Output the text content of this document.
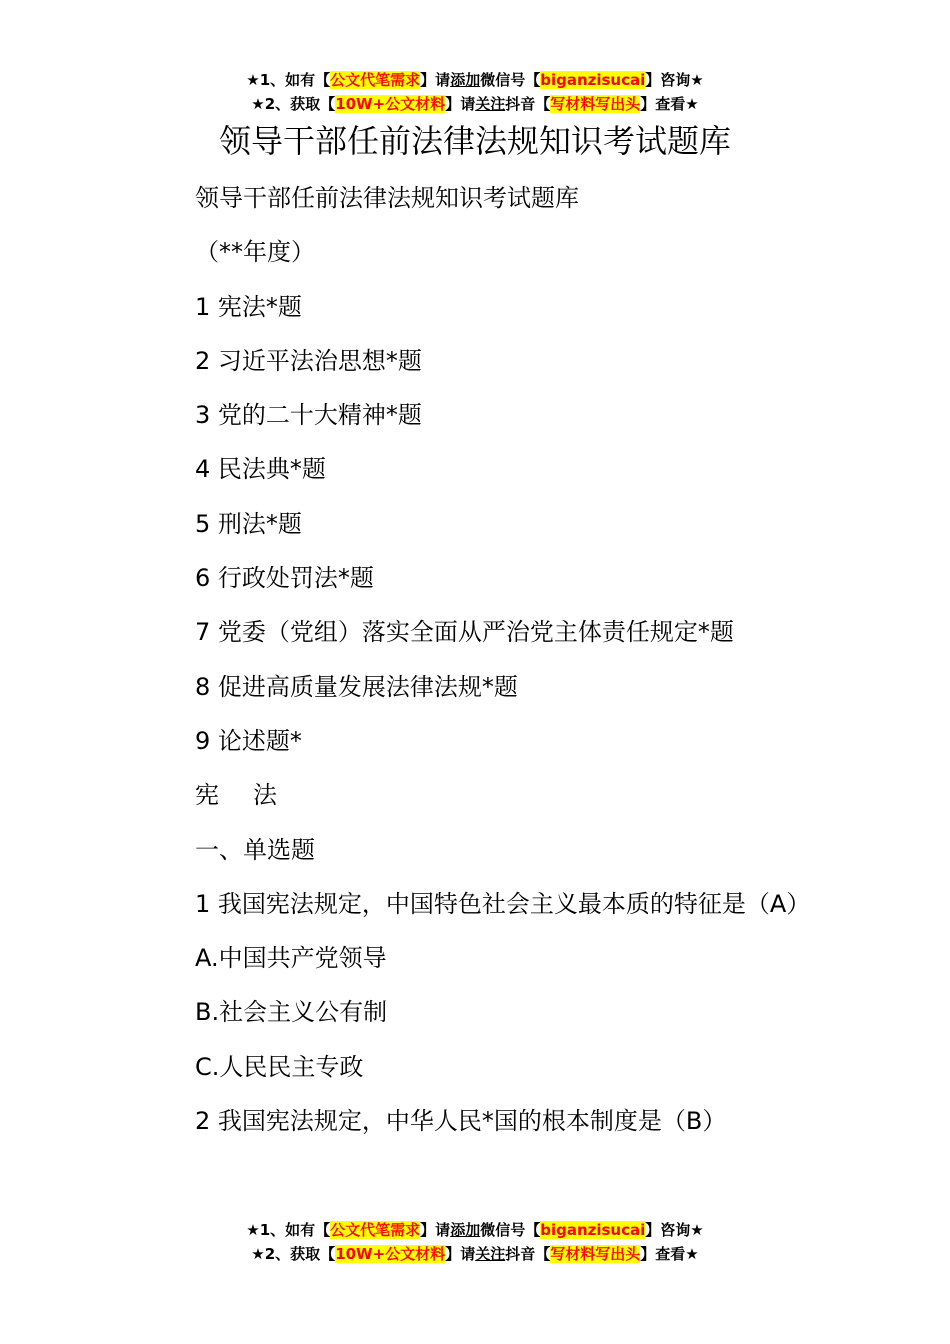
★1、如有【公文代笔需求】请添加微信号【biganzisucai】咨询★
★2、获取【10W+公文材料】请关注抖音【写材料写出头】查看★
领导干部任前法律法规知识考试题库
领导干部任前法律法规知识考试题库
（**年度）
1 宪法*题
2 习近平法治思想*题
3 党的二十大精神*题
4 民法典*题
5 刑法*题
6 行政处罚法*题
7 党委（党组）落实全面从严治党主体责任规定*题
8 促进高质量发展法律法规*题
9 论述题*
宪法
一、单选题
1 我国宪法规定，中国特色社会主义最本质的特征是（A）
A.中国共产党领导
B.社会主义公有制
C.人民民主专政
2 我国宪法规定，中华人民*国的根本制度是（B）
★1、如有【公文代笔需求】请添加微信号【biganzisucai】咨询★
★2、获取【10W+公文材料】请关注抖音【写材料写出头】查看★
